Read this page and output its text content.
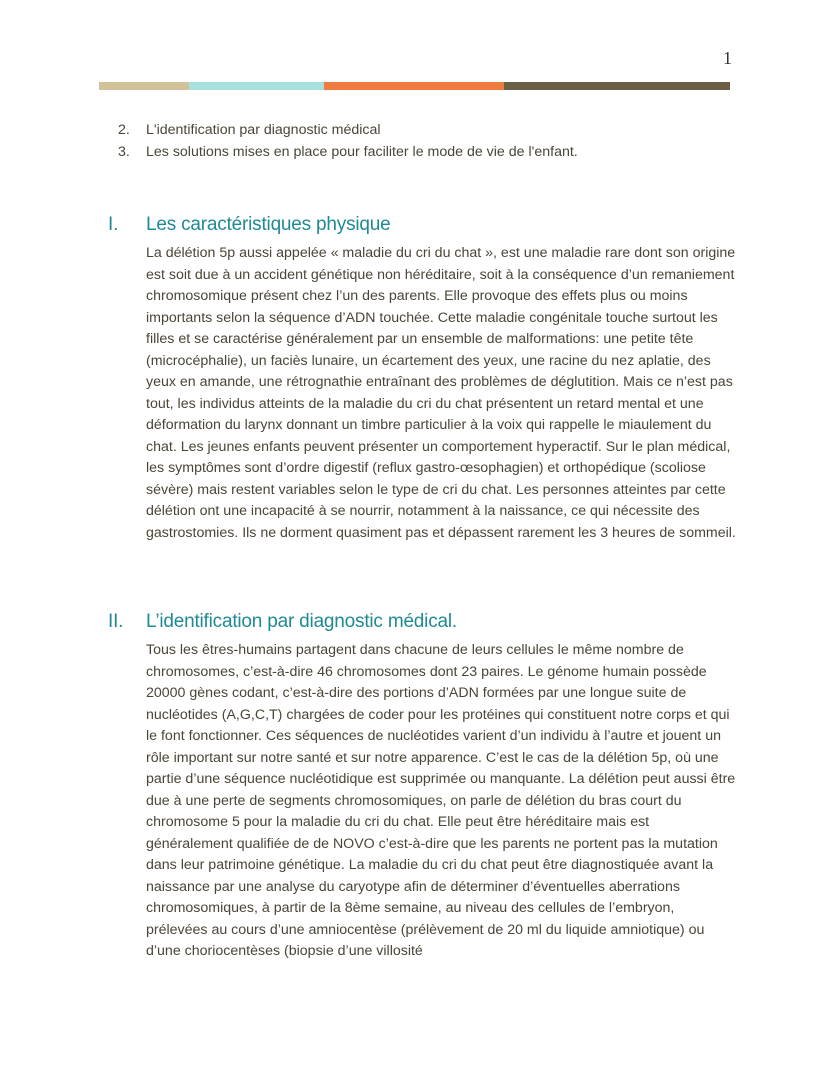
1
2.	L'identification par diagnostic médical
3.	Les solutions mises en place pour faciliter le mode de vie de l'enfant.
I.	Les caractéristiques physique

La délétion 5p aussi appelée « maladie du cri du chat », est une maladie rare dont son origine est soit due à un accident génétique non héréditaire, soit à la conséquence d’un remaniement chromosomique présent chez l’un des parents. Elle provoque des effets plus ou moins importants selon la séquence d’ADN touchée. Cette maladie congénitale touche surtout les filles et se caractérise généralement par un ensemble de malformations: une petite tête (microcéphalie), un faciès lunaire, un écartement des yeux, une racine du nez aplatie, des yeux en amande, une rétrognathie entraînant des problèmes de déglutition. Mais ce n’est pas tout, les individus atteints de la maladie du cri du chat présentent un retard mental et une déformation du larynx donnant un timbre particulier à la voix qui rappelle le miaulement du chat. Les jeunes enfants peuvent présenter un comportement hyperactif. Sur le plan médical, les symptômes sont d’ordre digestif (reflux gastro-œsophagien) et orthopédique (scoliose sévère) mais restent variables selon le type de cri du chat. Les personnes atteintes par cette délétion ont une incapacité à se nourrir, notamment à la naissance, ce qui nécessite des gastrostomies. Ils ne dorment quasiment pas et dépassent rarement les 3 heures de sommeil.

II.	L’identification par diagnostic médical.

Tous les êtres-humains partagent dans chacune de leurs cellules le même nombre de chromosomes, c’est-à-dire 46 chromosomes dont 23 paires. Le génome humain possède 20000 gènes codant, c’est-à-dire des portions d’ADN formées par une longue suite de nucléotides (A,G,C,T) chargées de coder pour les protéines qui constituent notre corps et qui le font fonctionner. Ces séquences de nucléotides varient d’un individu à l’autre et jouent un rôle important sur notre santé et sur notre apparence. C’est le cas de la délétion 5p, où une partie d’une séquence nucléotidique est supprimée ou manquante. La délétion peut aussi être due à une perte de segments chromosomiques, on parle de délétion du bras court du chromosome 5 pour la maladie du cri du chat. Elle peut être héréditaire mais est généralement qualifiée de de NOVO c’est-à-dire que les parents ne portent pas la mutation dans leur patrimoine génétique. La maladie du cri du chat peut être diagnostiquée avant la naissance par une analyse du caryotype afin de déterminer d’éventuelles aberrations chromosomiques, à partir de la 8ème semaine, au niveau des cellules de l’embryon, prélevées au cours d’une amniocentèse (prélèvement de 20 ml du liquide amniotique) ou d’une choriocentèses (biopsie d’une villosité
